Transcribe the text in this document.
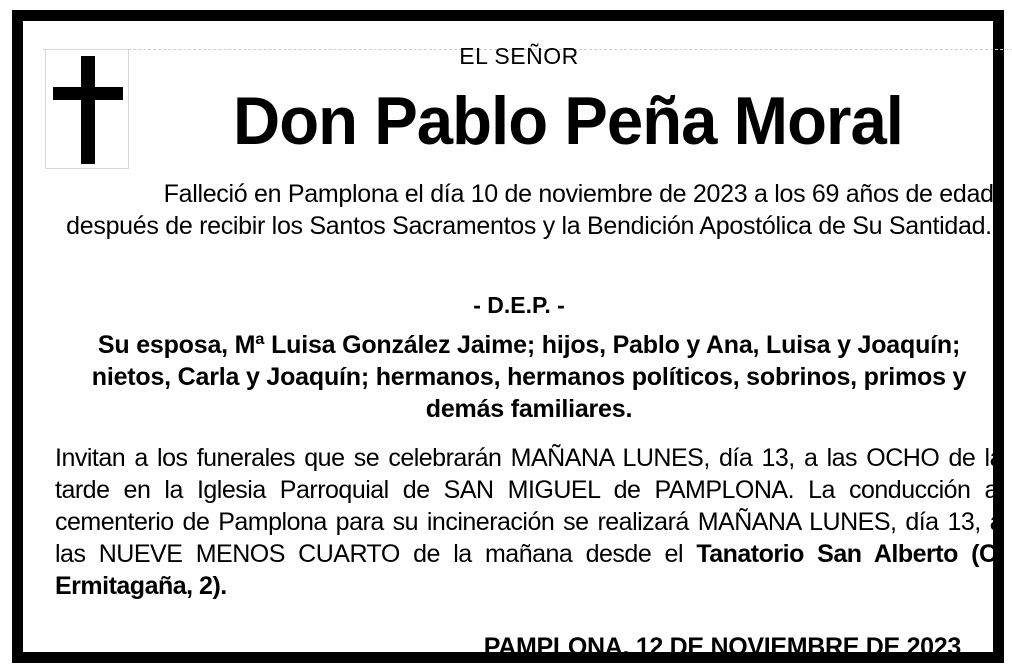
EL SEÑOR
Don Pablo Peña Moral
Falleció en Pamplona el día 10 de noviembre de 2023 a los 69 años de edad, después de recibir los Santos Sacramentos y la Bendición Apostólica de Su Santidad.
- D.E.P. -
Su esposa, Mª Luisa González Jaime; hijos, Pablo y Ana, Luisa y Joaquín; nietos, Carla y Joaquín; hermanos, hermanos políticos, sobrinos, primos y demás familiares.
Invitan a los funerales que se celebrarán MAÑANA LUNES, día 13, a las OCHO de la tarde en la Iglesia Parroquial de SAN MIGUEL de PAMPLONA. La conducción al cementerio de Pamplona para su incineración se realizará MAÑANA LUNES, día 13, a las NUEVE MENOS CUARTO de la mañana desde el Tanatorio San Alberto (C/ Ermitagaña, 2).
PAMPLONA, 12 DE NOVIEMBRE DE 2023
